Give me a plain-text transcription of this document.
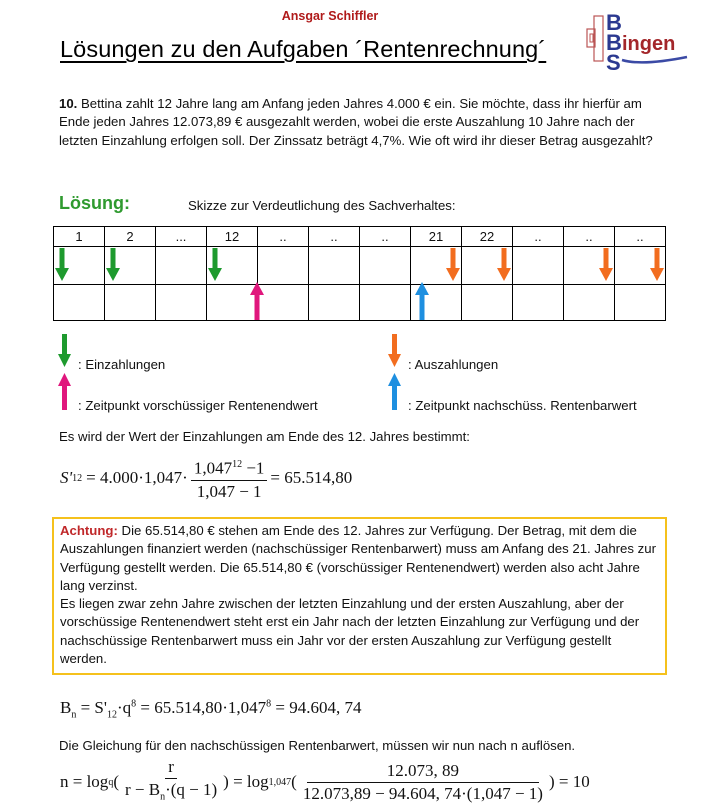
Ansgar Schiffler
Lösungen zu den Aufgaben ´Rentenrechnung´
B
B ingen
S
10. Bettina zahlt 12 Jahre lang am Anfang jeden Jahres 4.000 € ein. Sie möchte, dass ihr hierfür am Ende jeden Jahres 12.073,89 € ausgezahlt werden, wobei die erste Auszahlung 10 Jahre nach der letzten Einzahlung erfolgen soll. Der Zinssatz beträgt 4,7%. Wie oft wird ihr dieser Betrag ausgezahlt?
Lösung:	Skizze zur Verdeutlichung des Sachverhaltes:
1	2	...	12	..	..	..	21	22	..	..	..

: Einzahlungen
: Zeitpunkt vorschüssiger Rentenendwert
: Auszahlungen
: Zeitpunkt nachschüss. Rentenbarwert
Es wird der Wert der Einzahlungen am Ende des 12. Jahres bestimmt:
S' $12 = 4.000\cdot 1,047\cdot \frac{1,047^{12} -1}{1,047 - 1} = 65.514,80$
Achtung: Die 65.514,80 € stehen am Ende des 12. Jahres zur Verfügung. Der Betrag, mit dem die Auszahlungen finanziert werden (nachschüssiger Rentenbarwert) muss am Anfang des 21. Jahres zur Verfügung gestellt werden. Die 65.514,80 € (vorschüssiger Rentenendwert) werden also acht Jahre lang verzinst.
Es liegen zwar zehn Jahre zwischen der letzten Einzahlung und der ersten Auszahlung, aber der vorschüssige Rentenendwert steht erst ein Jahr nach der letzten Einzahlung zur Verfügung und der nachschüssige Rentenbarwert muss ein Jahr vor der ersten Auszahlung zur Verfügung gestellt werden.
$B_n = S'_{12}\cdot q^8 = 65.514,80\cdot 1,047^8 = 94.604$, 74
Die Gleichung für den nachschüssigen Rentenbarwert, müssen wir nun nach n auflösen.
n = log q ( $\frac{r}{r - B_n\cdot(q - 1)}$ ) = log 1,047 ( $\frac{12.073, 89}{12.073,89 - 94.604, 74\cdot(1,047 - 1)}$ ) = 10
